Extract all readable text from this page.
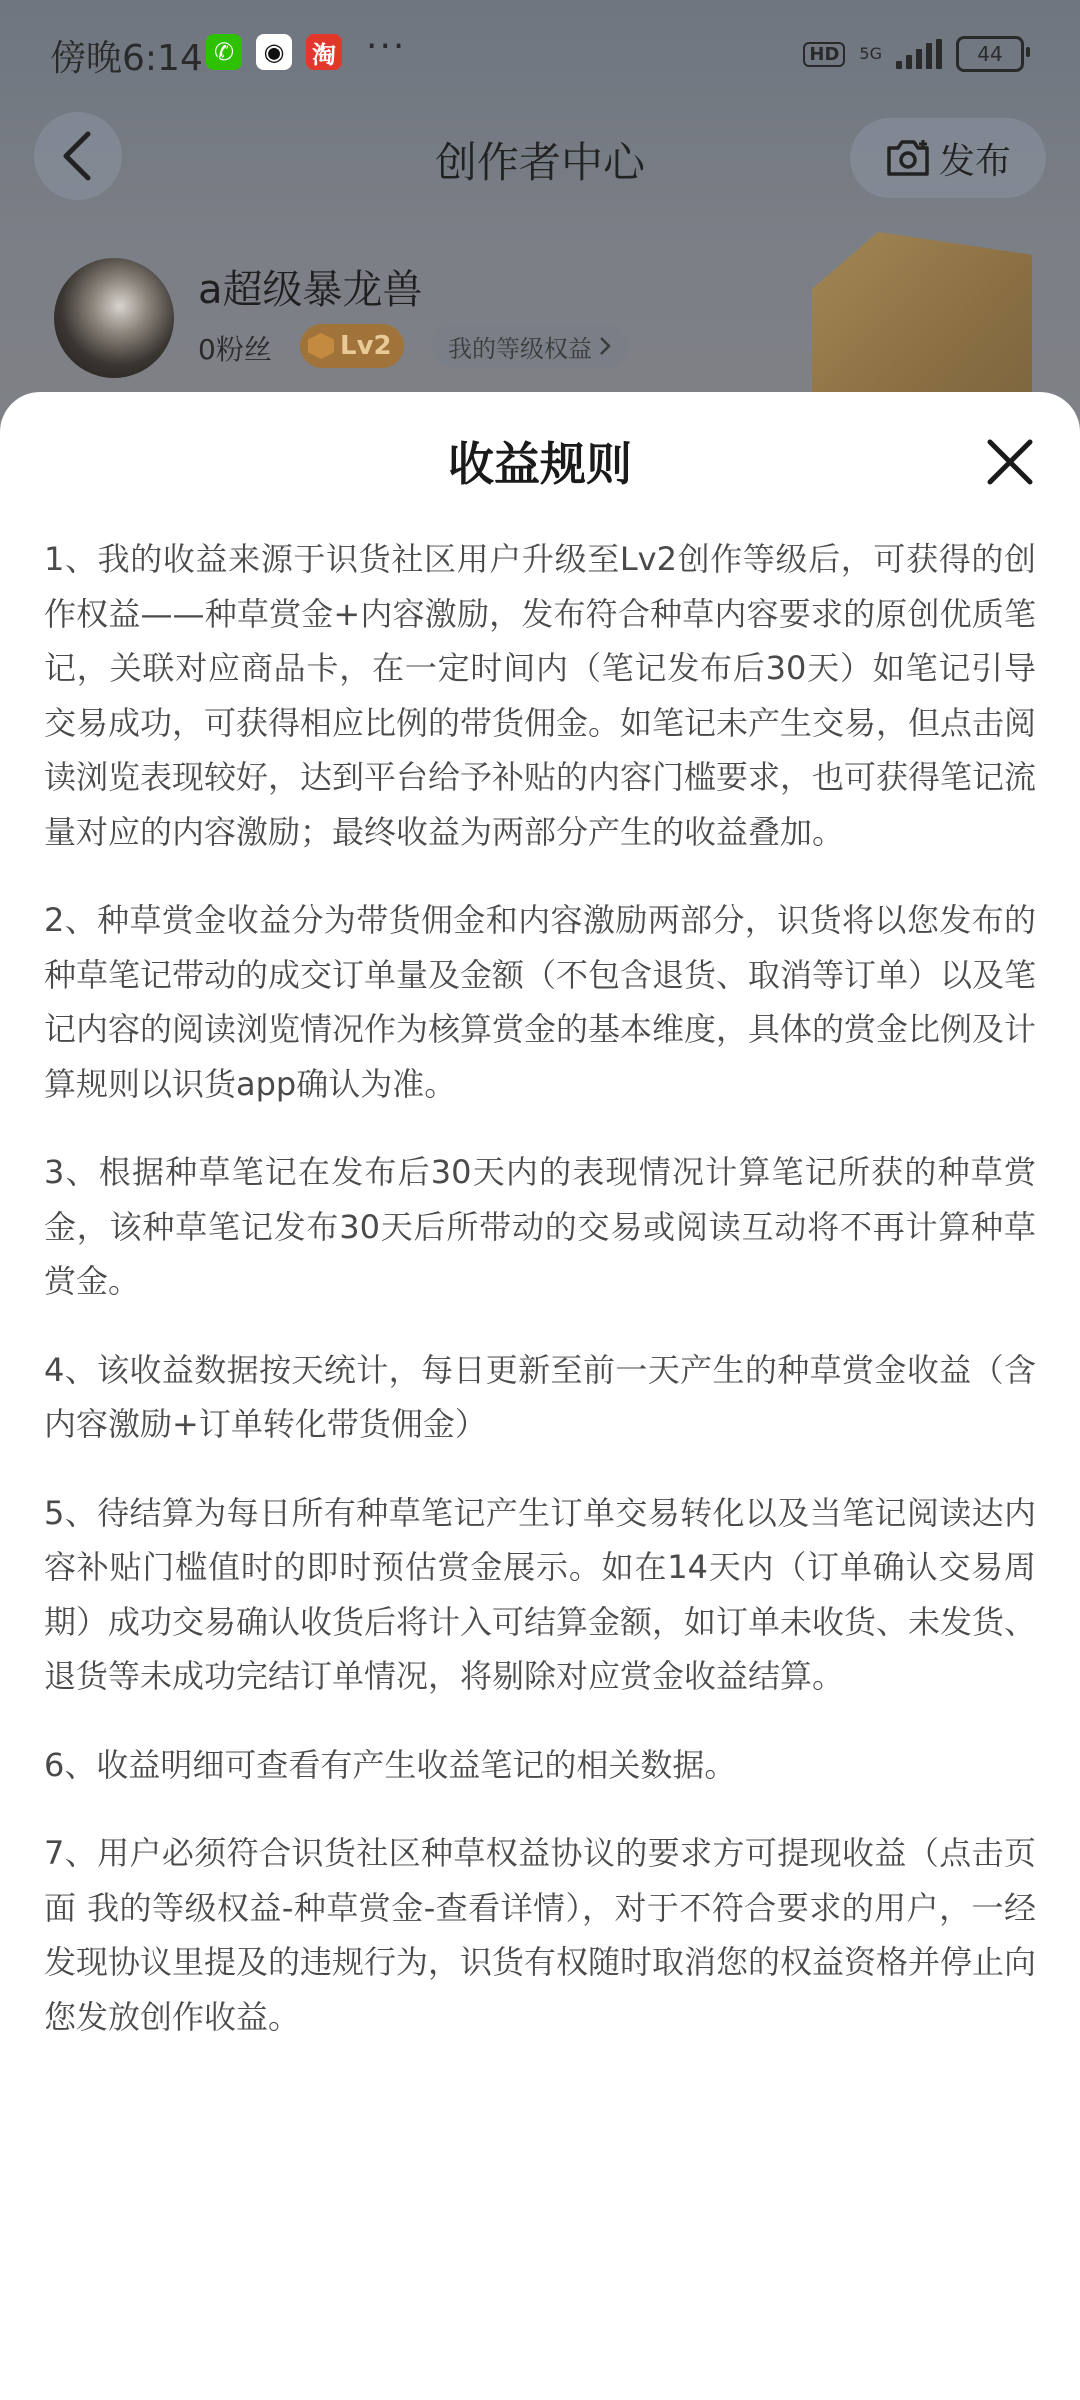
傍晚6:14 ✆	◉	淘 ···	HD	5G	44
创作者中心	发布
a超级暴龙兽
0粉丝	Lv2 我的等级权益
收益规则

1、我的收益来源于识货社区用户升级至Lv2创作等级后，可获得的创作权益——种草赏金+内容激励，发布符合种草内容要求的原创优质笔记，关联对应商品卡，在一定时间内（笔记发布后30天）如笔记引导交易成功，可获得相应比例的带货佣金。如笔记未产生交易，但点击阅读浏览表现较好，达到平台给予补贴的内容门槛要求，也可获得笔记流量对应的内容激励；最终收益为两部分产生的收益叠加。

2、种草赏金收益分为带货佣金和内容激励两部分，识货将以您发布的种草笔记带动的成交订单量及金额（不包含退货、取消等订单）以及笔记内容的阅读浏览情况作为核算赏金的基本维度，具体的赏金比例及计算规则以识货app确认为准。

3、根据种草笔记在发布后30天内的表现情况计算笔记所获的种草赏金，该种草笔记发布30天后所带动的交易或阅读互动将不再计算种草赏金。

4、该收益数据按天统计，每日更新至前一天产生的种草赏金收益（含内容激励+订单转化带货佣金）

5、待结算为每日所有种草笔记产生订单交易转化以及当笔记阅读达内容补贴门槛值时的即时预估赏金展示。如在14天内（订单确认交易周期）成功交易确认收货后将计入可结算金额，如订单未收货、未发货、退货等未成功完结订单情况，将剔除对应赏金收益结算。

6、收益明细可查看有产生收益笔记的相关数据。

7、用户必须符合识货社区种草权益协议的要求方可提现收益（点击页面 我的等级权益-种草赏金-查看详情），对于不符合要求的用户，一经发现协议里提及的违规行为，识货有权随时取消您的权益资格并停止向您发放创作收益。
